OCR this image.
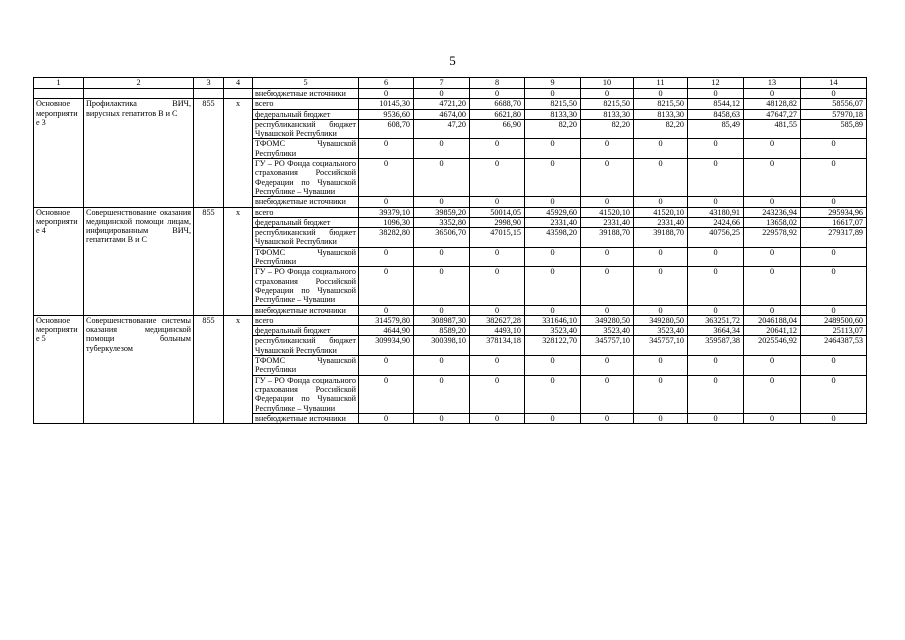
5
1	2	3	4	5	6	7	8	9	10	11	12	13	14
				внебюджетные источники	0	0	0	0	0	0	0	0	0
Основное мероприятие 3	Профилактика ВИЧ, вирусных гепатитов В и С	855	х	всего	10145,30	4721,20	6688,70	8215,50	8215,50	8215,50	8544,12	48128,82	58556,07
				федеральный бюджет	9536,60	4674,00	6621,80	8133,30	8133,30	8133,30	8458,63	47647,27	57970,18
				республиканский бюджет Чувашской Республики	608,70	47,20	66,90	82,20	82,20	82,20	85,49	481,55	585,89
				ТФОМС Чувашской Республики	0	0	0	0	0	0	0	0	0
				ГУ – РО Фонда социального страхования Российской Федерации по Чувашской Республике – Чувашии	0	0	0	0	0	0	0	0	0
				внебюджетные источники	0	0	0	0	0	0	0	0	0
Основное мероприятие 4	Совершенствование оказания медицинской помощи лицам, инфицированным ВИЧ, гепатитами В и С	855	х	всего	39379,10	39859,20	50014,05	45929,60	41520,10	41520,10	43180,91	243236,94	295934,96
				федеральный бюджет	1096,30	3352,80	2998,90	2331,40	2331,40	2331,40	2424,66	13658,02	16617,07
				республиканский бюджет Чувашской Республики	38282,80	36506,70	47015,15	43598,20	39188,70	39188,70	40756,25	229578,92	279317,89
				ТФОМС Чувашской Республики	0	0	0	0	0	0	0	0	0
				ГУ – РО Фонда социального страхования Российской Федерации по Чувашской Республике – Чувашии	0	0	0	0	0	0	0	0	0
				внебюджетные источники	0	0	0	0	0	0	0	0	0
Основное мероприятие 5	Совершенствование системы оказания медицинской помощи больным туберкулезом	855	х	всего	314579,80	308987,30	382627,28	331646,10	349280,50	349280,50	363251,72	2046188,04	2489500,60
				федеральный бюджет	4644,90	8589,20	4493,10	3523,40	3523,40	3523,40	3664,34	20641,12	25113,07
				республиканский бюджет Чувашской Республики	309934,90	300398,10	378134,18	328122,70	345757,10	345757,10	359587,38	2025546,92	2464387,53
				ТФОМС Чувашской Республики	0	0	0	0	0	0	0	0	0
				ГУ – РО Фонда социального страхования Российской Федерации по Чувашской Республике – Чувашии	0	0	0	0	0	0	0	0	0
				внебюджетные источники	0	0	0	0	0	0	0	0	0
